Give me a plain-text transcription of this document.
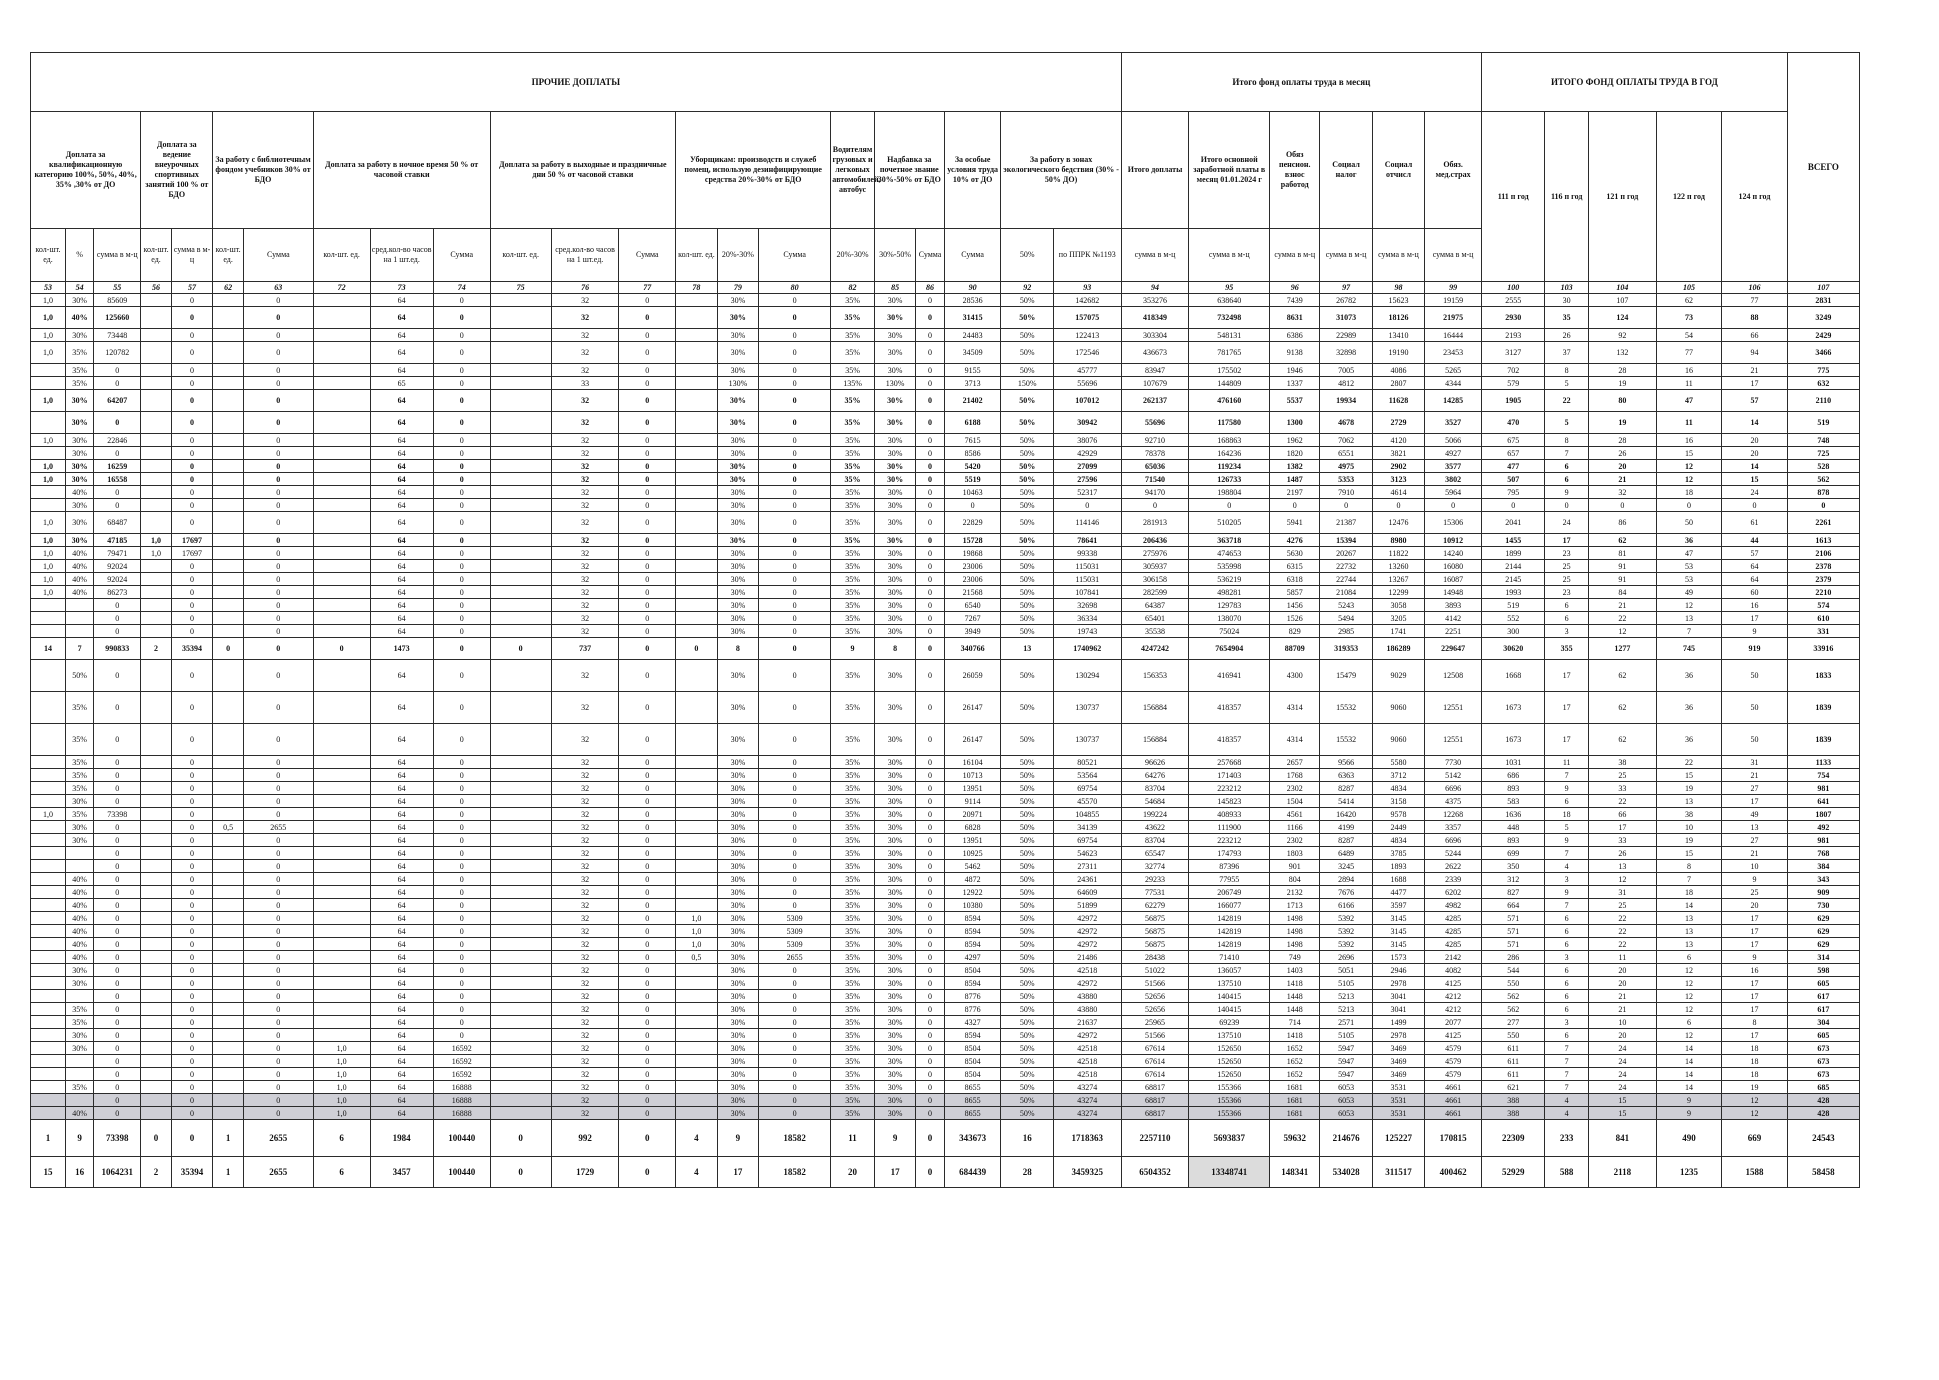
ПРОЧИЕ ДОПЛАТЫ																						Итого фонд оплаты труда в месяц						ИТОГО ФОНД ОПЛАТЫ ТРУДА В ГОД					ВСЕГО
Доплата за квалификационную категорию 100%, 50%, 40%, 35% ,30% от ДО			Доплата за ведение внеурочных спортивных занятий 100 % от БДО		За работу с библиотечным фондом учебников 30% от БДО		Доплата за работу в ночное время 50 % от часовой ставки			Доплата за работу в выходные и праздничные дни 50 % от часовой ставки			Уборщикам: производств и служеб помещ, использую дезинфицирующие средства 20%-30% от БДО			Водителям грузовых и легковых автомобилей, автобус	Надбавка за почетное звание 30%-50% от БДО		За особые условия труда 10% от ДО	За работу в зонах экологического бедствия (30% - 50% ДО)		Итого доплаты	Итого основной заработной платы в месяц 01.01.2024 г	Обяз пенсион. взнос работод	Социал налог	Социал отчисл	Обяз. мед.страх	111 п год	116 п год	121 п год	122 п год	124 п год	
кол-шт. ед.	%	сумма в м-ц	кол-шт. ед.	сумма в м-ц	кол-шт. ед.	Сумма	кол-шт. ед.	сред.кол-во часов на 1 шт.ед.	Сумма	кол-шт. ед.	сред.кол-во часов на 1 шт.ед.	Сумма	кол-шт. ед.	20%-30%	Сумма	20%-30%	30%-50%	Сумма	Сумма	50%	по ППРК №1193	сумма в м-ц	сумма в м-ц	сумма в м-ц	сумма в м-ц	сумма в м-ц	сумма в м-ц						
53	54	55	56	57	62	63	72	73	74	75	76	77	78	79	80	82	85	86	90	92	93	94	95	96	97	98	99	100	103	104	105	106	107
1,0	30%	85609		0		0		64	0		32	0		30%	0	35%	30%	0	28536	50%	142682	353276	638640	7439	26782	15623	19159	2555	30	107	62	77	2831
1,0	40%	125660		0		0		64	0		32	0		30%	0	35%	30%	0	31415	50%	157075	418349	732498	8631	31073	18126	21975	2930	35	124	73	88	3249
1,0	30%	73448		0		0		64	0		32	0		30%	0	35%	30%	0	24483	50%	122413	303304	548131	6386	22989	13410	16444	2193	26	92	54	66	2429
1,0	35%	120782		0		0		64	0		32	0		30%	0	35%	30%	0	34509	50%	172546	436673	781765	9138	32898	19190	23453	3127	37	132	77	94	3466
	35%	0		0		0		64	0		32	0		30%	0	35%	30%	0	9155	50%	45777	83947	175502	1946	7005	4086	5265	702	8	28	16	21	775
	35%	0		0		0		65	0		33	0		130%	0	135%	130%	0	3713	150%	55696	107679	144809	1337	4812	2807	4344	579	5	19	11	17	632
1,0	30%	64207		0		0		64	0		32	0		30%	0	35%	30%	0	21402	50%	107012	262137	476160	5537	19934	11628	14285	1905	22	80	47	57	2110
	30%	0		0		0		64	0		32	0		30%	0	35%	30%	0	6188	50%	30942	55696	117580	1300	4678	2729	3527	470	5	19	11	14	519
1,0	30%	22846		0		0		64	0		32	0		30%	0	35%	30%	0	7615	50%	38076	92710	168863	1962	7062	4120	5066	675	8	28	16	20	748
	30%	0		0		0		64	0		32	0		30%	0	35%	30%	0	8586	50%	42929	78378	164236	1820	6551	3821	4927	657	7	26	15	20	725
1,0	30%	16259		0		0		64	0		32	0		30%	0	35%	30%	0	5420	50%	27099	65036	119234	1382	4975	2902	3577	477	6	20	12	14	528
1,0	30%	16558		0		0		64	0		32	0		30%	0	35%	30%	0	5519	50%	27596	71540	126733	1487	5353	3123	3802	507	6	21	12	15	562
	40%	0		0		0		64	0		32	0		30%	0	35%	30%	0	10463	50%	52317	94170	198804	2197	7910	4614	5964	795	9	32	18	24	878
	30%	0		0		0		64	0		32	0		30%	0	35%	30%	0	0	50%	0	0	0	0	0	0	0	0	0	0	0	0	0
1,0	30%	68487		0		0		64	0		32	0		30%	0	35%	30%	0	22829	50%	114146	281913	510205	5941	21387	12476	15306	2041	24	86	50	61	2261
1,0	30%	47185	1,0	17697		0		64	0		32	0		30%	0	35%	30%	0	15728	50%	78641	206436	363718	4276	15394	8980	10912	1455	17	62	36	44	1613
1,0	40%	79471	1,0	17697		0		64	0		32	0		30%	0	35%	30%	0	19868	50%	99338	275976	474653	5630	20267	11822	14240	1899	23	81	47	57	2106
1,0	40%	92024		0		0		64	0		32	0		30%	0	35%	30%	0	23006	50%	115031	305937	535998	6315	22732	13260	16080	2144	25	91	53	64	2378
1,0	40%	92024		0		0		64	0		32	0		30%	0	35%	30%	0	23006	50%	115031	306158	536219	6318	22744	13267	16087	2145	25	91	53	64	2379
1,0	40%	86273		0		0		64	0		32	0		30%	0	35%	30%	0	21568	50%	107841	282599	498281	5857	21084	12299	14948	1993	23	84	49	60	2210
		0		0		0		64	0		32	0		30%	0	35%	30%	0	6540	50%	32698	64387	129783	1456	5243	3058	3893	519	6	21	12	16	574
		0		0		0		64	0		32	0		30%	0	35%	30%	0	7267	50%	36334	65401	138070	1526	5494	3205	4142	552	6	22	13	17	610
		0		0		0		64	0		32	0		30%	0	35%	30%	0	3949	50%	19743	35538	75024	829	2985	1741	2251	300	3	12	7	9	331
14	7	990833	2	35394	0	0	0	1473	0	0	737	0	0	8	0	9	8	0	340766	13	1740962	4247242	7654904	88709	319353	186289	229647	30620	355	1277	745	919	33916
	50%	0		0		0		64	0		32	0		30%	0	35%	30%	0	26059	50%	130294	156353	416941	4300	15479	9029	12508	1668	17	62	36	50	1833
	35%	0		0		0		64	0		32	0		30%	0	35%	30%	0	26147	50%	130737	156884	418357	4314	15532	9060	12551	1673	17	62	36	50	1839
	35%	0		0		0		64	0		32	0		30%	0	35%	30%	0	26147	50%	130737	156884	418357	4314	15532	9060	12551	1673	17	62	36	50	1839
	35%	0		0		0		64	0		32	0		30%	0	35%	30%	0	16104	50%	80521	96626	257668	2657	9566	5580	7730	1031	11	38	22	31	1133
	35%	0		0		0		64	0		32	0		30%	0	35%	30%	0	10713	50%	53564	64276	171403	1768	6363	3712	5142	686	7	25	15	21	754
	35%	0		0		0		64	0		32	0		30%	0	35%	30%	0	13951	50%	69754	83704	223212	2302	8287	4834	6696	893	9	33	19	27	981
	30%	0		0		0		64	0		32	0		30%	0	35%	30%	0	9114	50%	45570	54684	145823	1504	5414	3158	4375	583	6	22	13	17	641
1,0	35%	73398		0		0		64	0		32	0		30%	0	35%	30%	0	20971	50%	104855	199224	408933	4561	16420	9578	12268	1636	18	66	38	49	1807
	30%	0		0	0,5	2655		64	0		32	0		30%	0	35%	30%	0	6828	50%	34139	43622	111900	1166	4199	2449	3357	448	5	17	10	13	492
	30%	0		0		0		64	0		32	0		30%	0	35%	30%	0	13951	50%	69754	83704	223212	2302	8287	4834	6696	893	9	33	19	27	981
		0		0		0		64	0		32	0		30%	0	35%	30%	0	10925	50%	54623	65547	174793	1803	6489	3785	5244	699	7	26	15	21	768
		0		0		0		64	0		32	0		30%	0	35%	30%	0	5462	50%	27311	32774	87396	901	3245	1893	2622	350	4	13	8	10	384
	40%	0		0		0		64	0		32	0		30%	0	35%	30%	0	4872	50%	24361	29233	77955	804	2894	1688	2339	312	3	12	7	9	343
	40%	0		0		0		64	0		32	0		30%	0	35%	30%	0	12922	50%	64609	77531	206749	2132	7676	4477	6202	827	9	31	18	25	909
	40%	0		0		0		64	0		32	0		30%	0	35%	30%	0	10380	50%	51899	62279	166077	1713	6166	3597	4982	664	7	25	14	20	730
	40%	0		0		0		64	0		32	0	1,0	30%	5309	35%	30%	0	8594	50%	42972	56875	142819	1498	5392	3145	4285	571	6	22	13	17	629
	40%	0		0		0		64	0		32	0	1,0	30%	5309	35%	30%	0	8594	50%	42972	56875	142819	1498	5392	3145	4285	571	6	22	13	17	629
	40%	0		0		0		64	0		32	0	1,0	30%	5309	35%	30%	0	8594	50%	42972	56875	142819	1498	5392	3145	4285	571	6	22	13	17	629
	40%	0		0		0		64	0		32	0	0,5	30%	2655	35%	30%	0	4297	50%	21486	28438	71410	749	2696	1573	2142	286	3	11	6	9	314
	30%	0		0		0		64	0		32	0		30%	0	35%	30%	0	8504	50%	42518	51022	136057	1403	5051	2946	4082	544	6	20	12	16	598
	30%	0		0		0		64	0		32	0		30%	0	35%	30%	0	8594	50%	42972	51566	137510	1418	5105	2978	4125	550	6	20	12	17	605
		0		0		0		64	0		32	0		30%	0	35%	30%	0	8776	50%	43880	52656	140415	1448	5213	3041	4212	562	6	21	12	17	617
	35%	0		0		0		64	0		32	0		30%	0	35%	30%	0	8776	50%	43880	52656	140415	1448	5213	3041	4212	562	6	21	12	17	617
	35%	0		0		0		64	0		32	0		30%	0	35%	30%	0	4327	50%	21637	25965	69239	714	2571	1499	2077	277	3	10	6	8	304
	30%	0		0		0		64	0		32	0		30%	0	35%	30%	0	8594	50%	42972	51566	137510	1418	5105	2978	4125	550	6	20	12	17	605
	30%	0		0		0	1,0	64	16592		32	0		30%	0	35%	30%	0	8504	50%	42518	67614	152650	1652	5947	3469	4579	611	7	24	14	18	673
		0		0		0	1,0	64	16592		32	0		30%	0	35%	30%	0	8504	50%	42518	67614	152650	1652	5947	3469	4579	611	7	24	14	18	673
		0		0		0	1,0	64	16592		32	0		30%	0	35%	30%	0	8504	50%	42518	67614	152650	1652	5947	3469	4579	611	7	24	14	18	673
	35%	0		0		0	1,0	64	16888		32	0		30%	0	35%	30%	0	8655	50%	43274	68817	155366	1681	6053	3531	4661	621	7	24	14	19	685
		0		0		0	1,0	64	16888		32	0		30%	0	35%	30%	0	8655	50%	43274	68817	155366	1681	6053	3531	4661	388	4	15	9	12	428
	40%	0		0		0	1,0	64	16888		32	0		30%	0	35%	30%	0	8655	50%	43274	68817	155366	1681	6053	3531	4661	388	4	15	9	12	428
1	9	73398	0	0	1	2655	6	1984	100440	0	992	0	4	9	18582	11	9	0	343673	16	1718363	2257110	5693837	59632	214676	125227	170815	22309	233	841	490	669	24543
15	16	1064231	2	35394	1	2655	6	3457	100440	0	1729	0	4	17	18582	20	17	0	684439	28	3459325	6504352	13348741	148341	534028	311517	400462	52929	588	2118	1235	1588	58458
